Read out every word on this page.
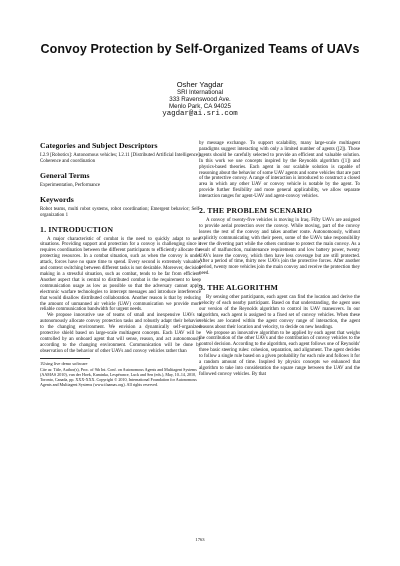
Convoy Protection by Self-Organized Teams of UAVs
Osher Yagdar
SRI International
333 Ravenswood Ave.
Menlo Park, CA 94025
yagdar@ai.sri.com
Categories and Subject Descriptors

I.2.9 [Robotics]: Autonomous vehicles; I.2.11 [Distributed Artificial Intelligence]: Coherence and coordination

General Terms

Experimentation, Performance

Keywords

Robot teams, multi robot systems, robot coordination; Emergent behavior; Self-organization 1

1. INTRODUCTION

A major characteristic of combat is the need to quickly adapt to new situations. Providing support and protection for a convoy is challenging since it requires coordination between the different participants to efficiently allocate the protecting resources. In a combat situation, such as when the convoy is under attack, forces have no spare time to spend. Every second is extremely valuable, and context switching between different tasks is not desirable. Moreover, decision making in a stressful situation, such as combat, tends to be far from efficient. Another aspect that is central to distributed combat is the requirement to keep communication usage as low as possible so that the adversary cannot apply electronic warfare technologies to intercept messages and introduce interference that would disallow distributed collaboration. Another reason is that by reducing the amount of unmanned air vehicle (UAV) communication we provide more reliable communication bandwidth for urgent needs.

We propose innovative use of teams of small and inexpensive UAVs to autonomously allocate convoy protection tasks and robustly adapt their behavior to the changing environment. We envision a dynamically self-organized protective shield based on large-scale multiagent concepts. Each UAV will be controlled by an onboard agent that will sense, reason, and act autonomously according to the changing environment. Communication will be done by observation of the behavior of other UAVs and convoy vehicles rather than

1Using live demo software

Cite as: Title, Author(s), Proc. of 9th Int. Conf. on Autonomous Agents and Multiagent Systems (AAMAS 2010), van der Hoek, Kaminka, Lespérance, Luck and Sen (eds.), May, 10–14, 2010, Toronto, Canada, pp. XXX-XXX. Copyright © 2010, International Foundation for Autonomous Agents and Multiagent Systems (www.ifaamas.org). All rights reserved.

by message exchange. To support scalability, many large-scale multiagent paradigms suggest interacting with only a limited number of agents ([2]). Those agents should be carefully selected to provide an efficient and valuable solution. In this work we use concepts inspired by the Reynolds algorithm ([1]) and physics-based theories. Each agent in our scalable solution is capable of reasoning about the behavior of some UAV agents and some vehicles that are part of the protective convoy. A range of interaction is introduced to construct a closed area in which any other UAV or convoy vehicle is notable by the agent. To provide further flexibility and more general applicability, we allow separate interaction ranges for agent-UAV and agent-convoy vehicles.

2. THE PROBLEM SCENARIO

A convoy of twenty-five vehicles is moving in Iraq. Fifty UAVs are assigned to provide aerial protection over the convoy. While moving, part of the convoy leaves the rest of the convoy and takes another route. Autonomously, without explicitly communicating with their peers, some of the UAVs take responsibility over the diverting part while the others continue to protect the main convoy. As a result of malfunction, maintenance requirements and low battery power, twenty UAVs leave the convoy, which then have less coverage but are still protected. After a period of time, thirty new UAVs join the protective forces. After another period, twenty more vehicles join the main convoy and receive the protection they need.

3. THE ALGORITHM

By sensing other participants, each agent can find the location and derive the velocity of each nearby participant. Based on that understanding, the agent uses our version of the Reynolds algorithm to control its UAV maneuvers. In our algorithm, each agent is assigned to a fixed set of convoy vehicles. When these vehicles are located within the agent convoy range of interaction, the agent reasons about their location and velocity, to decide on new headings.

We propose an innovative algorithm to be applied by each agent that weighs the contribution of the other UAVs and the contribution of convoy vehicles to the control decision. According to the algorithm, each agent follows one of Reynolds' three basic steering rules: cohesion, separation, and alignment. The agent decides to follow a single rule based on a given probability for each rule and follows it for a random amount of time. Inspired by physics concepts we enhanced that algorithm to take into consideration the square range between the UAV and the followed convoy vehicles. By that

1763
